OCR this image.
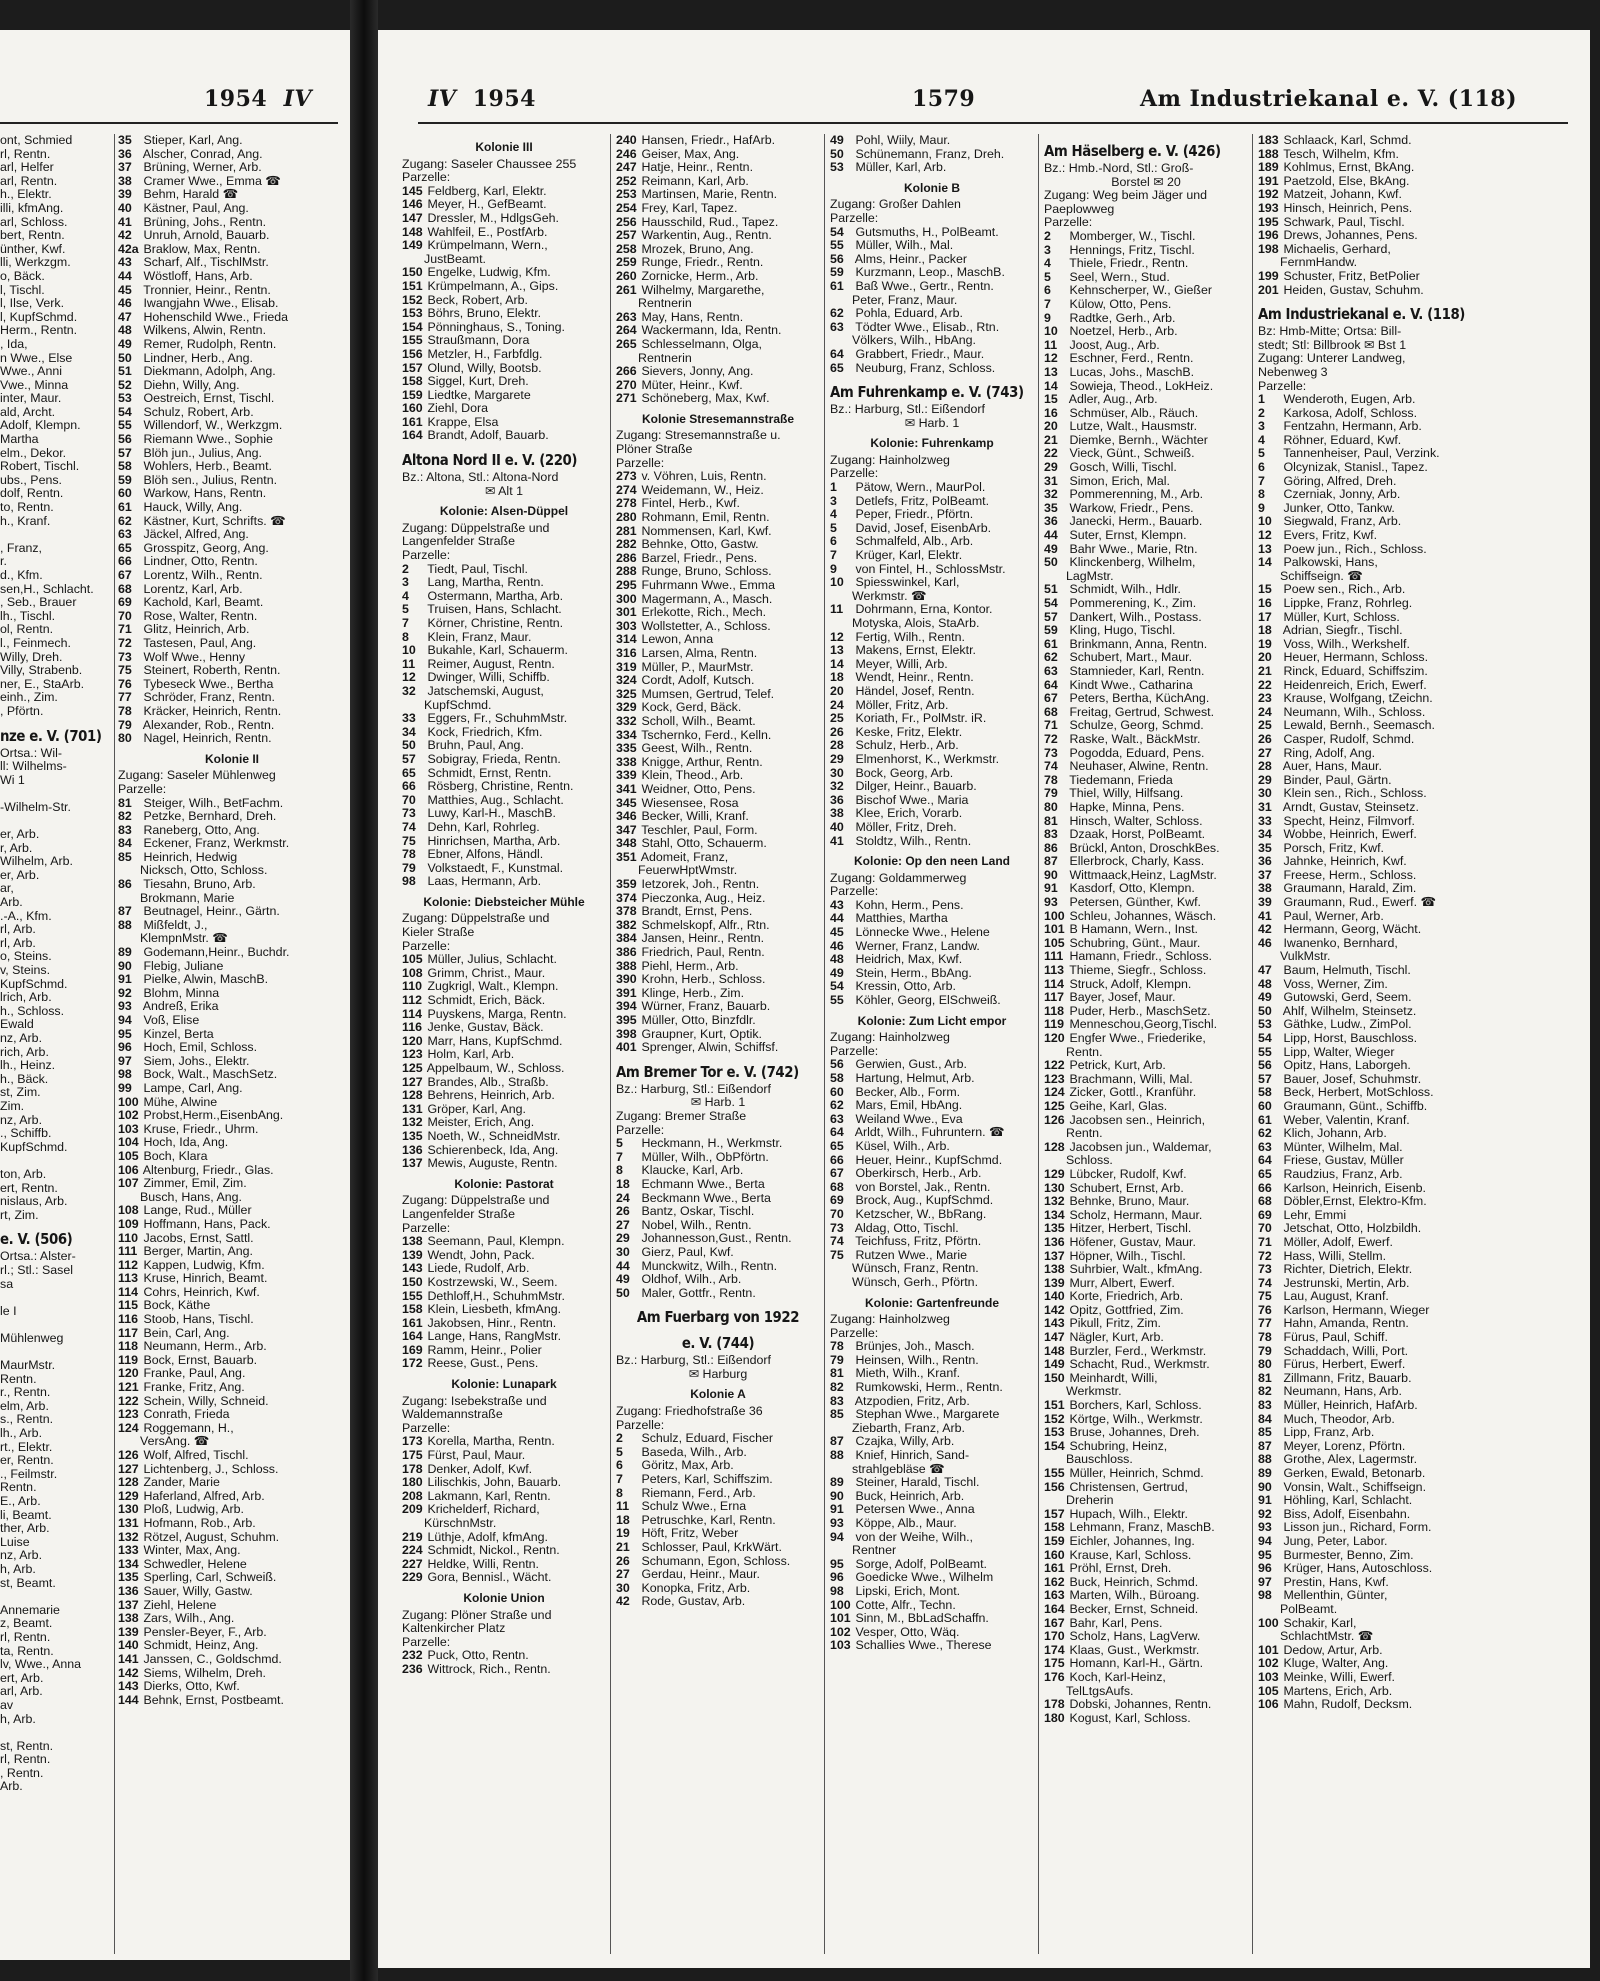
1954 IV
ont, Schmied
rl, Rentn.
arl, Helfer
arl, Rentn.
h., Elektr.
illi, kfmAng.
arl, Schloss.
bert, Rentn.
ünther, Kwf.
lli, Werkzgm.
o, Bäck.
l, Tischl.
l, Ilse, Verk.
l, KupfSchmd.
Herm., Rentn.
, Ida,
n Wwe., Else
Wwe., Anni
Vwe., Minna
inter, Maur.
ald, Archt.
Adolf, Klempn.
Martha
elm., Dekor.
Robert, Tischl.
ubs., Pens.
dolf, Rentn.
to, Rentn.
h., Kranf.

, Franz,
r.
d., Kfm.
sen,H., Schlacht.
, Seb., Brauer
lh., Tischl.
ol, Rentn.
l., Feinmech.
Willy, Dreh.
Villy, Strabenb.
ner, E., StaArb.
einh., Zim.
, Pförtn.
nze e. V. (701)
Ortsa.: Wil-
ll: Wilhelms-
Wi 1

-Wilhelm-Str.

er, Arb.
r, Arb.
Wilhelm, Arb.
er, Arb.
ar,
Arb.
.-A., Kfm.
rl, Arb.
rl, Arb.
o, Steins.
v, Steins.
KupfSchmd.
lrich, Arb.
h., Schloss.
Ewald
nz, Arb.
rich, Arb.
lh., Heinz.
h., Bäck.
st, Zim.
Zim.
nz, Arb.
., Schiffb.
KupfSchmd.

ton, Arb.
ert, Rentn.
nislaus, Arb.
rt, Zim.
e. V. (506)
Ortsa.: Alster-
rl.; Stl.: Sasel
sa

le I

Mühlenweg

MaurMstr.
Rentn.
r., Rentn.
elm, Arb.
s., Rentn.
lh., Arb.
rt., Elektr.
er, Rentn.
., Feilmstr.
Rentn.
E., Arb.
li, Beamt.
ther, Arb.
Luise
nz, Arb.
h, Arb.
st, Beamt.

Annemarie
z, Beamt.
rl, Rentn.
ta, Rentn.
lv, Wwe., Anna
ert, Arb.
arl, Arb.
av
h, Arb.

st, Rentn.
rl, Rentn.
, Rentn.
Arb.
35 Stieper, Karl, Ang.
36 Alscher, Conrad, Ang.
37 Brüning, Werner, Arb.
38 Cramer Wwe., Emma ☎
39 Behm, Harald ☎
40 Kästner, Paul, Ang.
41 Brüning, Johs., Rentn.
42 Unruh, Arnold, Bauarb.
42a Braklow, Max, Rentn.
43 Scharf, Alf., TischlMstr.
44 Wöstloff, Hans, Arb.
45 Tronnier, Heinr., Rentn.
46 Iwangjahn Wwe., Elisab.
47 Hohenschild Wwe., Frieda
48 Wilkens, Alwin, Rentn.
49 Remer, Rudolph, Rentn.
50 Lindner, Herb., Ang.
51 Diekmann, Adolph, Ang.
52 Diehn, Willy, Ang.
53 Oestreich, Ernst, Tischl.
54 Schulz, Robert, Arb.
55 Willendorf, W., Werkzgm.
56 Riemann Wwe., Sophie
57 Blöh jun., Julius, Ang.
58 Wohlers, Herb., Beamt.
59 Blöh sen., Julius, Rentn.
60 Warkow, Hans, Rentn.
61 Hauck, Willy, Ang.
62 Kästner, Kurt, Schrifts. ☎
63 Jäckel, Alfred, Ang.
65 Grosspitz, Georg, Ang.
66 Lindner, Otto, Rentn.
67 Lorentz, Wilh., Rentn.
68 Lorentz, Karl, Arb.
69 Kachold, Karl, Beamt.
70 Rose, Walter, Rentn.
71 Glitz, Heinrich, Arb.
72 Tastesen, Paul, Ang.
73 Wolf Wwe., Henny
75 Steinert, Roberth, Rentn.
76 Tybeseck Wwe., Bertha
77 Schröder, Franz, Rentn.
78 Kräcker, Heinrich, Rentn.
79 Alexander, Rob., Rentn.
80 Nagel, Heinrich, Rentn.
Kolonie II
Zugang: Saseler Mühlenweg
Parzelle:
81 Steiger, Wilh., BetFachm.
82 Petzke, Bernhard, Dreh.
83 Raneberg, Otto, Ang.
84 Eckener, Franz, Werkmstr.
85 Heinrich, Hedwig
Nicksch, Otto, Schloss.
86 Tiesahn, Bruno, Arb.
Brokmann, Marie
87 Beutnagel, Heinr., Gärtn.
88 Mißfeldt, J.,
KlempnMstr. ☎
89 Godemann,Heinr., Buchdr.
90 Flebig, Juliane
91 Pielke, Alwin, MaschB.
92 Blohm, Minna
93 Andreß, Erika
94 Voß, Elise
95 Kinzel, Berta
96 Hoch, Emil, Schloss.
97 Siem, Johs., Elektr.
98 Bock, Walt., MaschSetz.
99 Lampe, Carl, Ang.
100 Mühe, Alwine
102 Probst,Herm.,EisenbAng.
103 Kruse, Friedr., Uhrm.
104 Hoch, Ida, Ang.
105 Boch, Klara
106 Altenburg, Friedr., Glas.
107 Zimmer, Emil, Zim.
Busch, Hans, Ang.
108 Lange, Rud., Müller
109 Hoffmann, Hans, Pack.
110 Jacobs, Ernst, Sattl.
111 Berger, Martin, Ang.
112 Kappen, Ludwig, Kfm.
113 Kruse, Hinrich, Beamt.
114 Cohrs, Heinrich, Kwf.
115 Bock, Käthe
116 Stoob, Hans, Tischl.
117 Bein, Carl, Ang.
118 Neumann, Herm., Arb.
119 Bock, Ernst, Bauarb.
120 Franke, Paul, Ang.
121 Franke, Fritz, Ang.
122 Schein, Willy, Schneid.
123 Conrath, Frieda
124 Roggemann, H.,
VersAng. ☎
126 Wolf, Alfred, Tischl.
127 Lichtenberg, J., Schloss.
128 Zander, Marie
129 Haferland, Alfred, Arb.
130 Ploß, Ludwig, Arb.
131 Hofmann, Rob., Arb.
132 Rötzel, August, Schuhm.
133 Winter, Max, Ang.
134 Schwedler, Helene
135 Sperling, Carl, Schweiß.
136 Sauer, Willy, Gastw.
137 Ziehl, Helene
138 Zars, Wilh., Ang.
139 Pensler-Beyer, F., Arb.
140 Schmidt, Heinz, Ang.
141 Janssen, C., Goldschmd.
142 Siems, Wilhelm, Dreh.
143 Dierks, Otto, Kwf.
144 Behnk, Ernst, Postbeamt.
IV 1954	1579	Am Industriekanal e. V. (118)
Kolonie III
Zugang: Saseler Chaussee 255
Parzelle:
145 Feldberg, Karl, Elektr.
146 Meyer, H., GefBeamt.
147 Dressler, M., HdlgsGeh.
148 Wahlfeil, E., PostfArb.
149 Krümpelmann, Wern.,
JustBeamt.
150 Engelke, Ludwig, Kfm.
151 Krümpelmann, A., Gips.
152 Beck, Robert, Arb.
153 Böhrs, Bruno, Elektr.
154 Pönninghaus, S., Toning.
155 Straußmann, Dora
156 Metzler, H., Farbfdlg.
157 Olund, Willy, Bootsb.
158 Siggel, Kurt, Dreh.
159 Liedtke, Margarete
160 Ziehl, Dora
161 Krappe, Elsa
164 Brandt, Adolf, Bauarb.
Altona Nord II e. V. (220)
Bz.: Altona, Stl.: Altona-Nord
✉ Alt 1
Kolonie: Alsen-Düppel
Zugang: Düppelstraße und
Langenfelder Straße
Parzelle:
2 Tiedt, Paul, Tischl.
3 Lang, Martha, Rentn.
4 Ostermann, Martha, Arb.
5 Truisen, Hans, Schlacht.
7 Körner, Christine, Rentn.
8 Klein, Franz, Maur.
10 Bukahle, Karl, Schauerm.
11 Reimer, August, Rentn.
12 Dwinger, Willi, Schiffb.
32 Jatschemski, August,
KupfSchmd.
33 Eggers, Fr., SchuhmMstr.
34 Kock, Friedrich, Kfm.
50 Bruhn, Paul, Ang.
57 Sobigray, Frieda, Rentn.
65 Schmidt, Ernst, Rentn.
66 Rösberg, Christine, Rentn.
70 Matthies, Aug., Schlacht.
73 Luwy, Karl-H., MaschB.
74 Dehn, Karl, Rohrleg.
75 Hinrichsen, Martha, Arb.
78 Ebner, Alfons, Händl.
79 Volkstaedt, F., Kunstmal.
98 Laas, Hermann, Arb.
Kolonie: Diebsteicher Mühle
Zugang: Düppelstraße und
Kieler Straße
Parzelle:
105 Müller, Julius, Schlacht.
108 Grimm, Christ., Maur.
110 Zugkrigl, Walt., Klempn.
112 Schmidt, Erich, Bäck.
114 Puyskens, Marga, Rentn.
116 Jenke, Gustav, Bäck.
120 Marr, Hans, KupfSchmd.
123 Holm, Karl, Arb.
125 Appelbaum, W., Schloss.
127 Brandes, Alb., Straßb.
128 Behrens, Heinrich, Arb.
131 Gröper, Karl, Ang.
132 Meister, Erich, Ang.
135 Noeth, W., SchneidMstr.
136 Schierenbeck, Ida, Ang.
137 Mewis, Auguste, Rentn.
Kolonie: Pastorat
Zugang: Düppelstraße und
Langenfelder Straße
Parzelle:
138 Seemann, Paul, Klempn.
139 Wendt, John, Pack.
143 Liede, Rudolf, Arb.
150 Kostrzewski, W., Seem.
155 Dethloff,H., SchuhmMstr.
158 Klein, Liesbeth, kfmAng.
161 Jakobsen, Hinr., Rentn.
164 Lange, Hans, RangMstr.
169 Ramm, Heinr., Polier
172 Reese, Gust., Pens.
Kolonie: Lunapark
Zugang: Isebekstraße und
Waldemannstraße
Parzelle:
173 Korella, Martha, Rentn.
175 Fürst, Paul, Maur.
178 Denker, Adolf, Kwf.
180 Lilischkis, John, Bauarb.
208 Lakmann, Karl, Rentn.
209 Krichelderf, Richard,
KürschnMstr.
219 Lüthje, Adolf, kfmAng.
224 Schmidt, Nickol., Rentn.
227 Heldke, Willi, Rentn.
229 Gora, Bennisl., Wächt.
Kolonie Union
Zugang: Plöner Straße und
Kaltenkircher Platz
Parzelle:
232 Puck, Otto, Rentn.
236 Wittrock, Rich., Rentn.
240 Hansen, Friedr., HafArb.
246 Geiser, Max, Ang.
247 Hatje, Heinr., Rentn.
252 Reimann, Karl, Arb.
253 Martinsen, Marie, Rentn.
254 Frey, Karl, Tapez.
256 Hausschild, Rud., Tapez.
257 Warkentin, Aug., Rentn.
258 Mrozek, Bruno, Ang.
259 Runge, Friedr., Rentn.
260 Zornicke, Herm., Arb.
261 Wilhelmy, Margarethe,
Rentnerin
263 May, Hans, Rentn.
264 Wackermann, Ida, Rentn.
265 Schlesselmann, Olga,
Rentnerin
266 Sievers, Jonny, Ang.
270 Müter, Heinr., Kwf.
271 Schöneberg, Max, Kwf.
Kolonie Stresemannstraße
Zugang: Stresemannstraße u.
Plöner Straße
Parzelle:
273 v. Vöhren, Luis, Rentn.
274 Weidemann, W., Heiz.
278 Fintel, Herb., Kwf.
280 Rohmann, Emil, Rentn.
281 Nommensen, Karl, Kwf.
282 Behnke, Otto, Gastw.
286 Barzel, Friedr., Pens.
288 Runge, Bruno, Schloss.
295 Fuhrmann Wwe., Emma
300 Magermann, A., Masch.
301 Erlekotte, Rich., Mech.
303 Wollstetter, A., Schloss.
314 Lewon, Anna
316 Larsen, Alma, Rentn.
319 Müller, P., MaurMstr.
324 Cordt, Adolf, Kutsch.
325 Mumsen, Gertrud, Telef.
329 Kock, Gerd, Bäck.
332 Scholl, Wilh., Beamt.
334 Tschernko, Ferd., Kelln.
335 Geest, Wilh., Rentn.
338 Knigge, Arthur, Rentn.
339 Klein, Theod., Arb.
341 Weidner, Otto, Pens.
345 Wiesensee, Rosa
346 Becker, Willi, Kranf.
347 Teschler, Paul, Form.
348 Stahl, Otto, Schauerm.
351 Adomeit, Franz,
FeuerwHptWmstr.
359 Ietzorek, Joh., Rentn.
374 Pieczonka, Aug., Heiz.
378 Brandt, Ernst, Pens.
382 Schmelskopf, Alfr., Rtn.
384 Jansen, Heinr., Rentn.
386 Friedrich, Paul, Rentn.
388 Piehl, Herm., Arb.
390 Krohn, Herb., Schloss.
391 Klinge, Herb., Zim.
394 Würner, Franz, Bauarb.
395 Müller, Otto, Binzfdlr.
398 Graupner, Kurt, Optik.
401 Sprenger, Alwin, Schiffsf.
Am Bremer Tor e. V. (742)
Bz.: Harburg, Stl.: Eißendorf
✉ Harb. 1
Zugang: Bremer Straße
Parzelle:
5 Heckmann, H., Werkmstr.
7 Müller, Wilh., ObPförtn.
8 Klaucke, Karl, Arb.
18 Echmann Wwe., Berta
24 Beckmann Wwe., Berta
26 Bantz, Oskar, Tischl.
27 Nobel, Wilh., Rentn.
29 Johannesson,Gust., Rentn.
30 Gierz, Paul, Kwf.
44 Munckwitz, Wilh., Rentn.
49 Oldhof, Wilh., Arb.
50 Maler, Gottfr., Rentn.
Am Fuerbarg von 1922
e. V. (744)
Bz.: Harburg, Stl.: Eißendorf
✉ Harburg
Kolonie A
Zugang: Friedhofstraße 36
Parzelle:
2 Schulz, Eduard, Fischer
5 Baseda, Wilh., Arb.
6 Göritz, Max, Arb.
7 Peters, Karl, Schiffszim.
8 Riemann, Ferd., Arb.
11 Schulz Wwe., Erna
18 Petruschke, Karl, Rentn.
19 Höft, Fritz, Weber
21 Schlosser, Paul, KrkWärt.
26 Schumann, Egon, Schloss.
27 Gerdau, Heinr., Maur.
30 Konopka, Fritz, Arb.
42 Rode, Gustav, Arb.
49 Pohl, Wiily, Maur.
50 Schünemann, Franz, Dreh.
53 Müller, Karl, Arb.
Kolonie B
Zugang: Großer Dahlen
Parzelle:
54 Gutsmuths, H., PolBeamt.
55 Müller, Wilh., Mal.
56 Alms, Heinr., Packer
59 Kurzmann, Leop., MaschB.
61 Baß Wwe., Gertr., Rentn.
Peter, Franz, Maur.
62 Pohla, Eduard, Arb.
63 Tödter Wwe., Elisab., Rtn.
Völkers, Wilh., HbAng.
64 Grabbert, Friedr., Maur.
65 Neuburg, Franz, Schloss.
Am Fuhrenkamp e. V. (743)
Bz.: Harburg, Stl.: Eißendorf
✉ Harb. 1
Kolonie: Fuhrenkamp
Zugang: Hainholzweg
Parzelle:
1 Pätow, Wern., MaurPol.
3 Detlefs, Fritz, PolBeamt.
4 Peper, Friedr., Pförtn.
5 David, Josef, EisenbArb.
6 Schmalfeld, Alb., Arb.
7 Krüger, Karl, Elektr.
9 von Fintel, H., SchlossMstr.
10 Spiesswinkel, Karl,
Werkmstr. ☎
11 Dohrmann, Erna, Kontor.
Motyska, Alois, StaArb.
12 Fertig, Wilh., Rentn.
13 Makens, Ernst, Elektr.
14 Meyer, Willi, Arb.
18 Wendt, Heinr., Rentn.
20 Händel, Josef, Rentn.
24 Möller, Fritz, Arb.
25 Koriath, Fr., PolMstr. iR.
26 Keske, Fritz, Elektr.
28 Schulz, Herb., Arb.
29 Elmenhorst, K., Werkmstr.
30 Bock, Georg, Arb.
32 Dilger, Heinr., Bauarb.
36 Bischof Wwe., Maria
38 Klee, Erich, Vorarb.
40 Möller, Fritz, Dreh.
41 Stoldtz, Wilh., Rentn.
Kolonie: Op den neen Land
Zugang: Goldammerweg
Parzelle:
43 Kohn, Herm., Pens.
44 Matthies, Martha
45 Lönnecke Wwe., Helene
46 Werner, Franz, Landw.
48 Heidrich, Max, Kwf.
49 Stein, Herm., BbAng.
54 Kressin, Otto, Arb.
55 Köhler, Georg, ElSchweiß.
Kolonie: Zum Licht empor
Zugang: Hainholzweg
Parzelle:
56 Gerwien, Gust., Arb.
58 Hartung, Helmut, Arb.
60 Becker, Alb., Form.
62 Mars, Emil, HbAng.
63 Weiland Wwe., Eva
64 Arldt, Wilh., Fuhruntern. ☎
65 Küsel, Wilh., Arb.
66 Heuer, Heinr., KupfSchmd.
67 Oberkirsch, Herb., Arb.
68 von Borstel, Jak., Rentn.
69 Brock, Aug., KupfSchmd.
70 Ketzscher, W., BbRang.
73 Aldag, Otto, Tischl.
74 Teichfuss, Fritz, Pförtn.
75 Rutzen Wwe., Marie
Wünsch, Franz, Rentn.
Wünsch, Gerh., Pförtn.
Kolonie: Gartenfreunde
Zugang: Hainholzweg
Parzelle:
78 Brünjes, Joh., Masch.
79 Heinsen, Wilh., Rentn.
81 Mieth, Wilh., Kranf.
82 Rumkowski, Herm., Rentn.
83 Atzpodien, Fritz, Arb.
85 Stephan Wwe., Margarete
Ziebarth, Franz, Arb.
87 Czajka, Willy, Arb.
88 Knief, Hinrich, Sand-
strahlgebläse ☎
89 Steiner, Harald, Tischl.
90 Buck, Heinrich, Arb.
91 Petersen Wwe., Anna
93 Köppe, Alb., Maur.
94 von der Weihe, Wilh.,
Rentner
95 Sorge, Adolf, PolBeamt.
96 Goedicke Wwe., Wilhelm
98 Lipski, Erich, Mont.
100 Cotte, Alfr., Techn.
101 Sinn, M., BbLadSchaffn.
102 Vesper, Otto, Wäq.
103 Schallies Wwe., Therese
Am Häselberg e. V. (426)
Bz.: Hmb.-Nord, Stl.: Groß-
Borstel ✉ 20
Zugang: Weg beim Jäger und
Paeplowweg
Parzelle:
2 Momberger, W., Tischl.
3 Hennings, Fritz, Tischl.
4 Thiele, Friedr., Rentn.
5 Seel, Wern., Stud.
6 Kehnscherper, W., Gießer
7 Külow, Otto, Pens.
9 Radtke, Gerh., Arb.
10 Noetzel, Herb., Arb.
11 Joost, Aug., Arb.
12 Eschner, Ferd., Rentn.
13 Lucas, Johs., MaschB.
14 Sowieja, Theod., LokHeiz.
15 Adler, Aug., Arb.
16 Schmüser, Alb., Räuch.
20 Lutze, Walt., Hausmstr.
21 Diemke, Bernh., Wächter
22 Vieck, Günt., Schweiß.
29 Gosch, Willi, Tischl.
31 Simon, Erich, Mal.
32 Pommerenning, M., Arb.
35 Warkow, Friedr., Pens.
36 Janecki, Herm., Bauarb.
44 Suter, Ernst, Klempn.
49 Bahr Wwe., Marie, Rtn.
50 Klinckenberg, Wilhelm,
LagMstr.
51 Schmidt, Wilh., Hdlr.
54 Pommerening, K., Zim.
57 Dankert, Wilh., Postass.
59 Kling, Hugo, Tischl.
61 Brinkmann, Anna, Rentn.
62 Schubert, Mart., Maur.
63 Stamnieder, Karl, Rentn.
64 Kindt Wwe., Catharina
67 Peters, Bertha, KüchAng.
68 Freitag, Gertrud, Schwest.
71 Schulze, Georg, Schmd.
72 Raske, Walt., BäckMstr.
73 Pogodda, Eduard, Pens.
74 Neuhaser, Alwine, Rentn.
78 Tiedemann, Frieda
79 Thiel, Willy, Hilfsang.
80 Hapke, Minna, Pens.
81 Hinsch, Walter, Schloss.
83 Dzaak, Horst, PolBeamt.
86 Brückl, Anton, DroschkBes.
87 Ellerbrock, Charly, Kass.
90 Wittmaack,Heinz, LagMstr.
91 Kasdorf, Otto, Klempn.
93 Petersen, Günther, Kwf.
100 Schleu, Johannes, Wäsch.
101 B Hamann, Wern., Inst.
105 Schubring, Günt., Maur.
111 Hamann, Friedr., Schloss.
113 Thieme, Siegfr., Schloss.
114 Struck, Adolf, Klempn.
117 Bayer, Josef, Maur.
118 Puder, Herb., MaschSetz.
119 Menneschou,Georg,Tischl.
120 Engfer Wwe., Friederike,
Rentn.
122 Petrick, Kurt, Arb.
123 Brachmann, Willi, Mal.
124 Zicker, Gottl., Kranführ.
125 Geihe, Karl, Glas.
126 Jacobsen sen., Heinrich,
Rentn.
128 Jacobsen jun., Waldemar,
Schloss.
129 Lübcker, Rudolf, Kwf.
130 Schubert, Ernst, Arb.
132 Behnke, Bruno, Maur.
134 Scholz, Hermann, Maur.
135 Hitzer, Herbert, Tischl.
136 Höfener, Gustav, Maur.
137 Höpner, Wilh., Tischl.
138 Suhrbier, Walt., kfmAng.
139 Murr, Albert, Ewerf.
140 Korte, Friedrich, Arb.
142 Opitz, Gottfried, Zim.
143 Pikull, Fritz, Zim.
147 Nägler, Kurt, Arb.
148 Burzler, Ferd., Werkmstr.
149 Schacht, Rud., Werkmstr.
150 Meinhardt, Willi,
Werkmstr.
151 Borchers, Karl, Schloss.
152 Körtge, Wilh., Werkmstr.
153 Bruse, Johannes, Dreh.
154 Schubring, Heinz,
Bauschloss.
155 Müller, Heinrich, Schmd.
156 Christensen, Gertrud,
Dreherin
157 Hupach, Wilh., Elektr.
158 Lehmann, Franz, MaschB.
159 Eichler, Johannes, Ing.
160 Krause, Karl, Schloss.
161 Pröhl, Ernst, Dreh.
162 Buck, Heinrich, Schmd.
163 Marten, Wilh., Büroang.
164 Becker, Ernst, Schneid.
167 Bahr, Karl, Pens.
170 Scholz, Hans, LagVerw.
174 Klaas, Gust., Werkmstr.
175 Homann, Karl-H., Gärtn.
176 Koch, Karl-Heinz,
TelLtgsAufs.
178 Dobski, Johannes, Rentn.
180 Kogust, Karl, Schloss.
183 Schlaack, Karl, Schmd.
188 Tesch, Wilhelm, Kfm.
189 Kohlmus, Ernst, BkAng.
191 Paetzold, Else, BkAng.
192 Matzeit, Johann, Kwf.
193 Hinsch, Heinrich, Pens.
195 Schwark, Paul, Tischl.
196 Drews, Johannes, Pens.
198 Michaelis, Gerhard,
FernmHandw.
199 Schuster, Fritz, BetPolier
201 Heiden, Gustav, Schuhm.
Am Industriekanal e. V. (118)
Bz: Hmb-Mitte; Ortsa: Bill-
stedt; Stl: Billbrook ✉ Bst 1
Zugang: Unterer Landweg,
Nebenweg 3
Parzelle:
1 Wenderoth, Eugen, Arb.
2 Karkosa, Adolf, Schloss.
3 Fentzahn, Hermann, Arb.
4 Röhner, Eduard, Kwf.
5 Tannenheiser, Paul, Verzink.
6 Olcynizak, Stanisl., Tapez.
7 Göring, Alfred, Dreh.
8 Czerniak, Jonny, Arb.
9 Junker, Otto, Tankw.
10 Siegwald, Franz, Arb.
12 Evers, Fritz, Kwf.
13 Poew jun., Rich., Schloss.
14 Palkowski, Hans,
Schiffseign. ☎
15 Poew sen., Rich., Arb.
16 Lippke, Franz, Rohrleg.
17 Müller, Kurt, Schloss.
18 Adrian, Siegfr., Tischl.
19 Voss, Wilh., Werkshelf.
20 Heuer, Hermann, Schloss.
21 Rinck, Eduard, Schiffszim.
22 Heidenreich, Erich, Ewerf.
23 Krause, Wolfgang, tZeichn.
24 Neumann, Wilh., Schloss.
25 Lewald, Bernh., Seemasch.
26 Casper, Rudolf, Schmd.
27 Ring, Adolf, Ang.
28 Auer, Hans, Maur.
29 Binder, Paul, Gärtn.
30 Klein sen., Rich., Schloss.
31 Arndt, Gustav, Steinsetz.
33 Specht, Heinz, Filmvorf.
34 Wobbe, Heinrich, Ewerf.
35 Porsch, Fritz, Kwf.
36 Jahnke, Heinrich, Kwf.
37 Freese, Herm., Schloss.
38 Graumann, Harald, Zim.
39 Graumann, Rud., Ewerf. ☎
41 Paul, Werner, Arb.
42 Hermann, Georg, Wächt.
46 Iwanenko, Bernhard,
VulkMstr.
47 Baum, Helmuth, Tischl.
48 Voss, Werner, Zim.
49 Gutowski, Gerd, Seem.
50 Ahlf, Wilhelm, Steinsetz.
53 Gäthke, Ludw., ZimPol.
54 Lipp, Horst, Bauschloss.
55 Lipp, Walter, Wieger
56 Opitz, Hans, Laborgeh.
57 Bauer, Josef, Schuhmstr.
58 Beck, Herbert, MotSchloss.
60 Graumann, Günt., Schiffb.
61 Weber, Valentin, Kranf.
62 Klich, Johann, Arb.
63 Münter, Wilhelm, Mal.
64 Friese, Gustav, Müller
65 Raudzius, Franz, Arb.
66 Karlson, Heinrich, Eisenb.
68 Döbler,Ernst, Elektro-Kfm.
69 Lehr, Emmi
70 Jetschat, Otto, Holzbildh.
71 Möller, Adolf, Ewerf.
72 Hass, Willi, Stellm.
73 Richter, Dietrich, Elektr.
74 Jestrunski, Mertin, Arb.
75 Lau, August, Kranf.
76 Karlson, Hermann, Wieger
77 Hahn, Amanda, Rentn.
78 Fürus, Paul, Schiff.
79 Schaddach, Willi, Port.
80 Fürus, Herbert, Ewerf.
81 Zillmann, Fritz, Bauarb.
82 Neumann, Hans, Arb.
83 Müller, Heinrich, HafArb.
84 Much, Theodor, Arb.
85 Lipp, Franz, Arb.
87 Meyer, Lorenz, Pförtn.
88 Grothe, Alex, Lagermstr.
89 Gerken, Ewald, Betonarb.
90 Vonsin, Walt., Schiffseign.
91 Höhling, Karl, Schlacht.
92 Biss, Adolf, Eisenbahn.
93 Lisson jun., Richard, Form.
94 Jung, Peter, Labor.
95 Burmester, Benno, Zim.
96 Krüger, Hans, Autoschloss.
97 Prestin, Hans, Kwf.
98 Mellenthin, Günter,
PolBeamt.
100 Schakir, Karl,
SchlachtMstr. ☎
101 Dedow, Artur, Arb.
102 Kluge, Walter, Ang.
103 Meinke, Willi, Ewerf.
105 Martens, Erich, Arb.
106 Mahn, Rudolf, Decksm.
